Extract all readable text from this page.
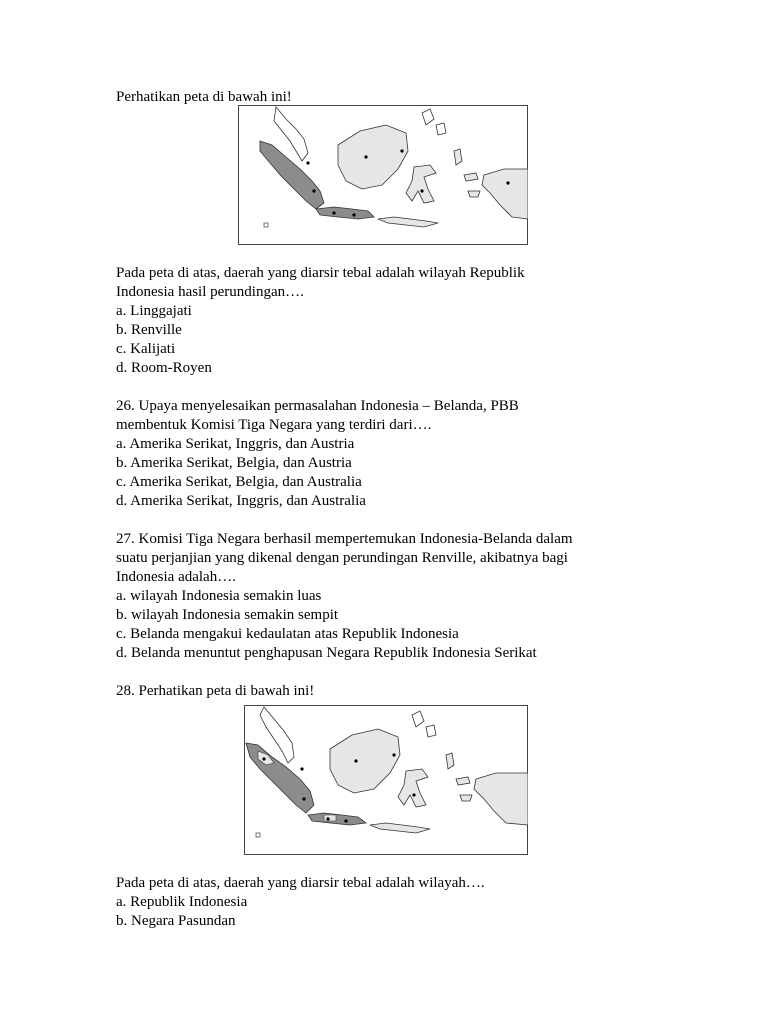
Perhatikan peta di bawah ini!
Pada peta di atas, daerah yang diarsir tebal adalah wilayah Republik
Indonesia hasil perundingan….
a. Linggajati
b. Renville
c. Kalijati
d. Room-Royen
26. Upaya menyelesaikan permasalahan Indonesia – Belanda, PBB
membentuk Komisi Tiga Negara yang terdiri dari….
a. Amerika Serikat, Inggris, dan Austria
b. Amerika Serikat, Belgia, dan Austria
c. Amerika Serikat, Belgia, dan Australia
d. Amerika Serikat, Inggris, dan Australia
27. Komisi Tiga Negara berhasil mempertemukan Indonesia-Belanda dalam
suatu perjanjian yang dikenal dengan perundingan Renville, akibatnya bagi
Indonesia adalah….
a. wilayah Indonesia semakin luas
b. wilayah Indonesia semakin sempit
c. Belanda mengakui kedaulatan atas Republik Indonesia
d. Belanda menuntut penghapusan Negara Republik Indonesia Serikat
28. Perhatikan peta di bawah ini!
Pada peta di atas, daerah yang diarsir tebal adalah wilayah….
a. Republik Indonesia
b. Negara Pasundan
